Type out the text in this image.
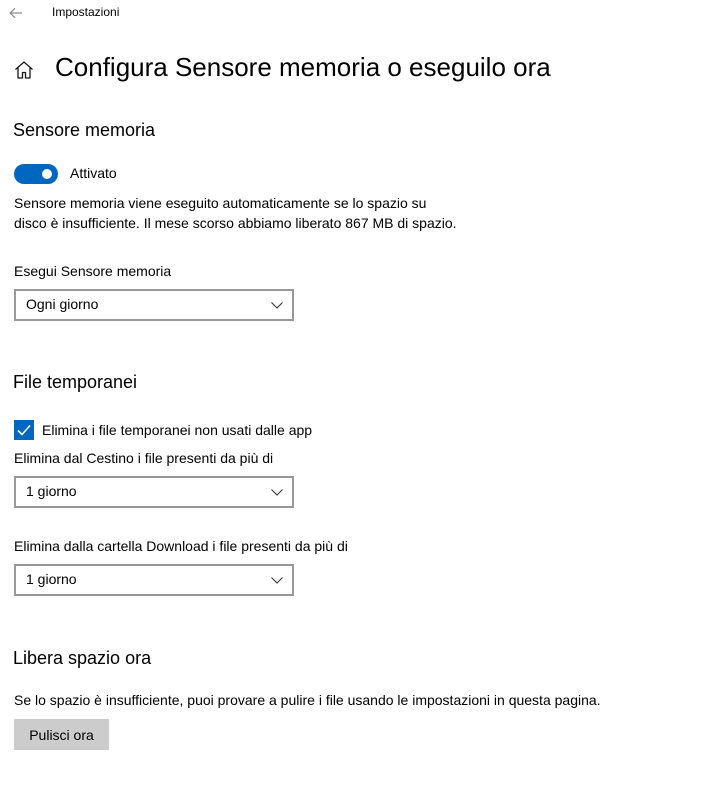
Impostazioni
Configura Sensore memoria o eseguilo ora
Sensore memoria
Attivato
Sensore memoria viene eseguito automaticamente se lo spazio su disco è insufficiente. Il mese scorso abbiamo liberato 867 MB di spazio.
Esegui Sensore memoria
Ogni giorno
File temporanei
Elimina i file temporanei non usati dalle app
Elimina dal Cestino i file presenti da più di
1 giorno
Elimina dalla cartella Download i file presenti da più di
1 giorno
Libera spazio ora
Se lo spazio è insufficiente, puoi provare a pulire i file usando le impostazioni in questa pagina.
Pulisci ora
